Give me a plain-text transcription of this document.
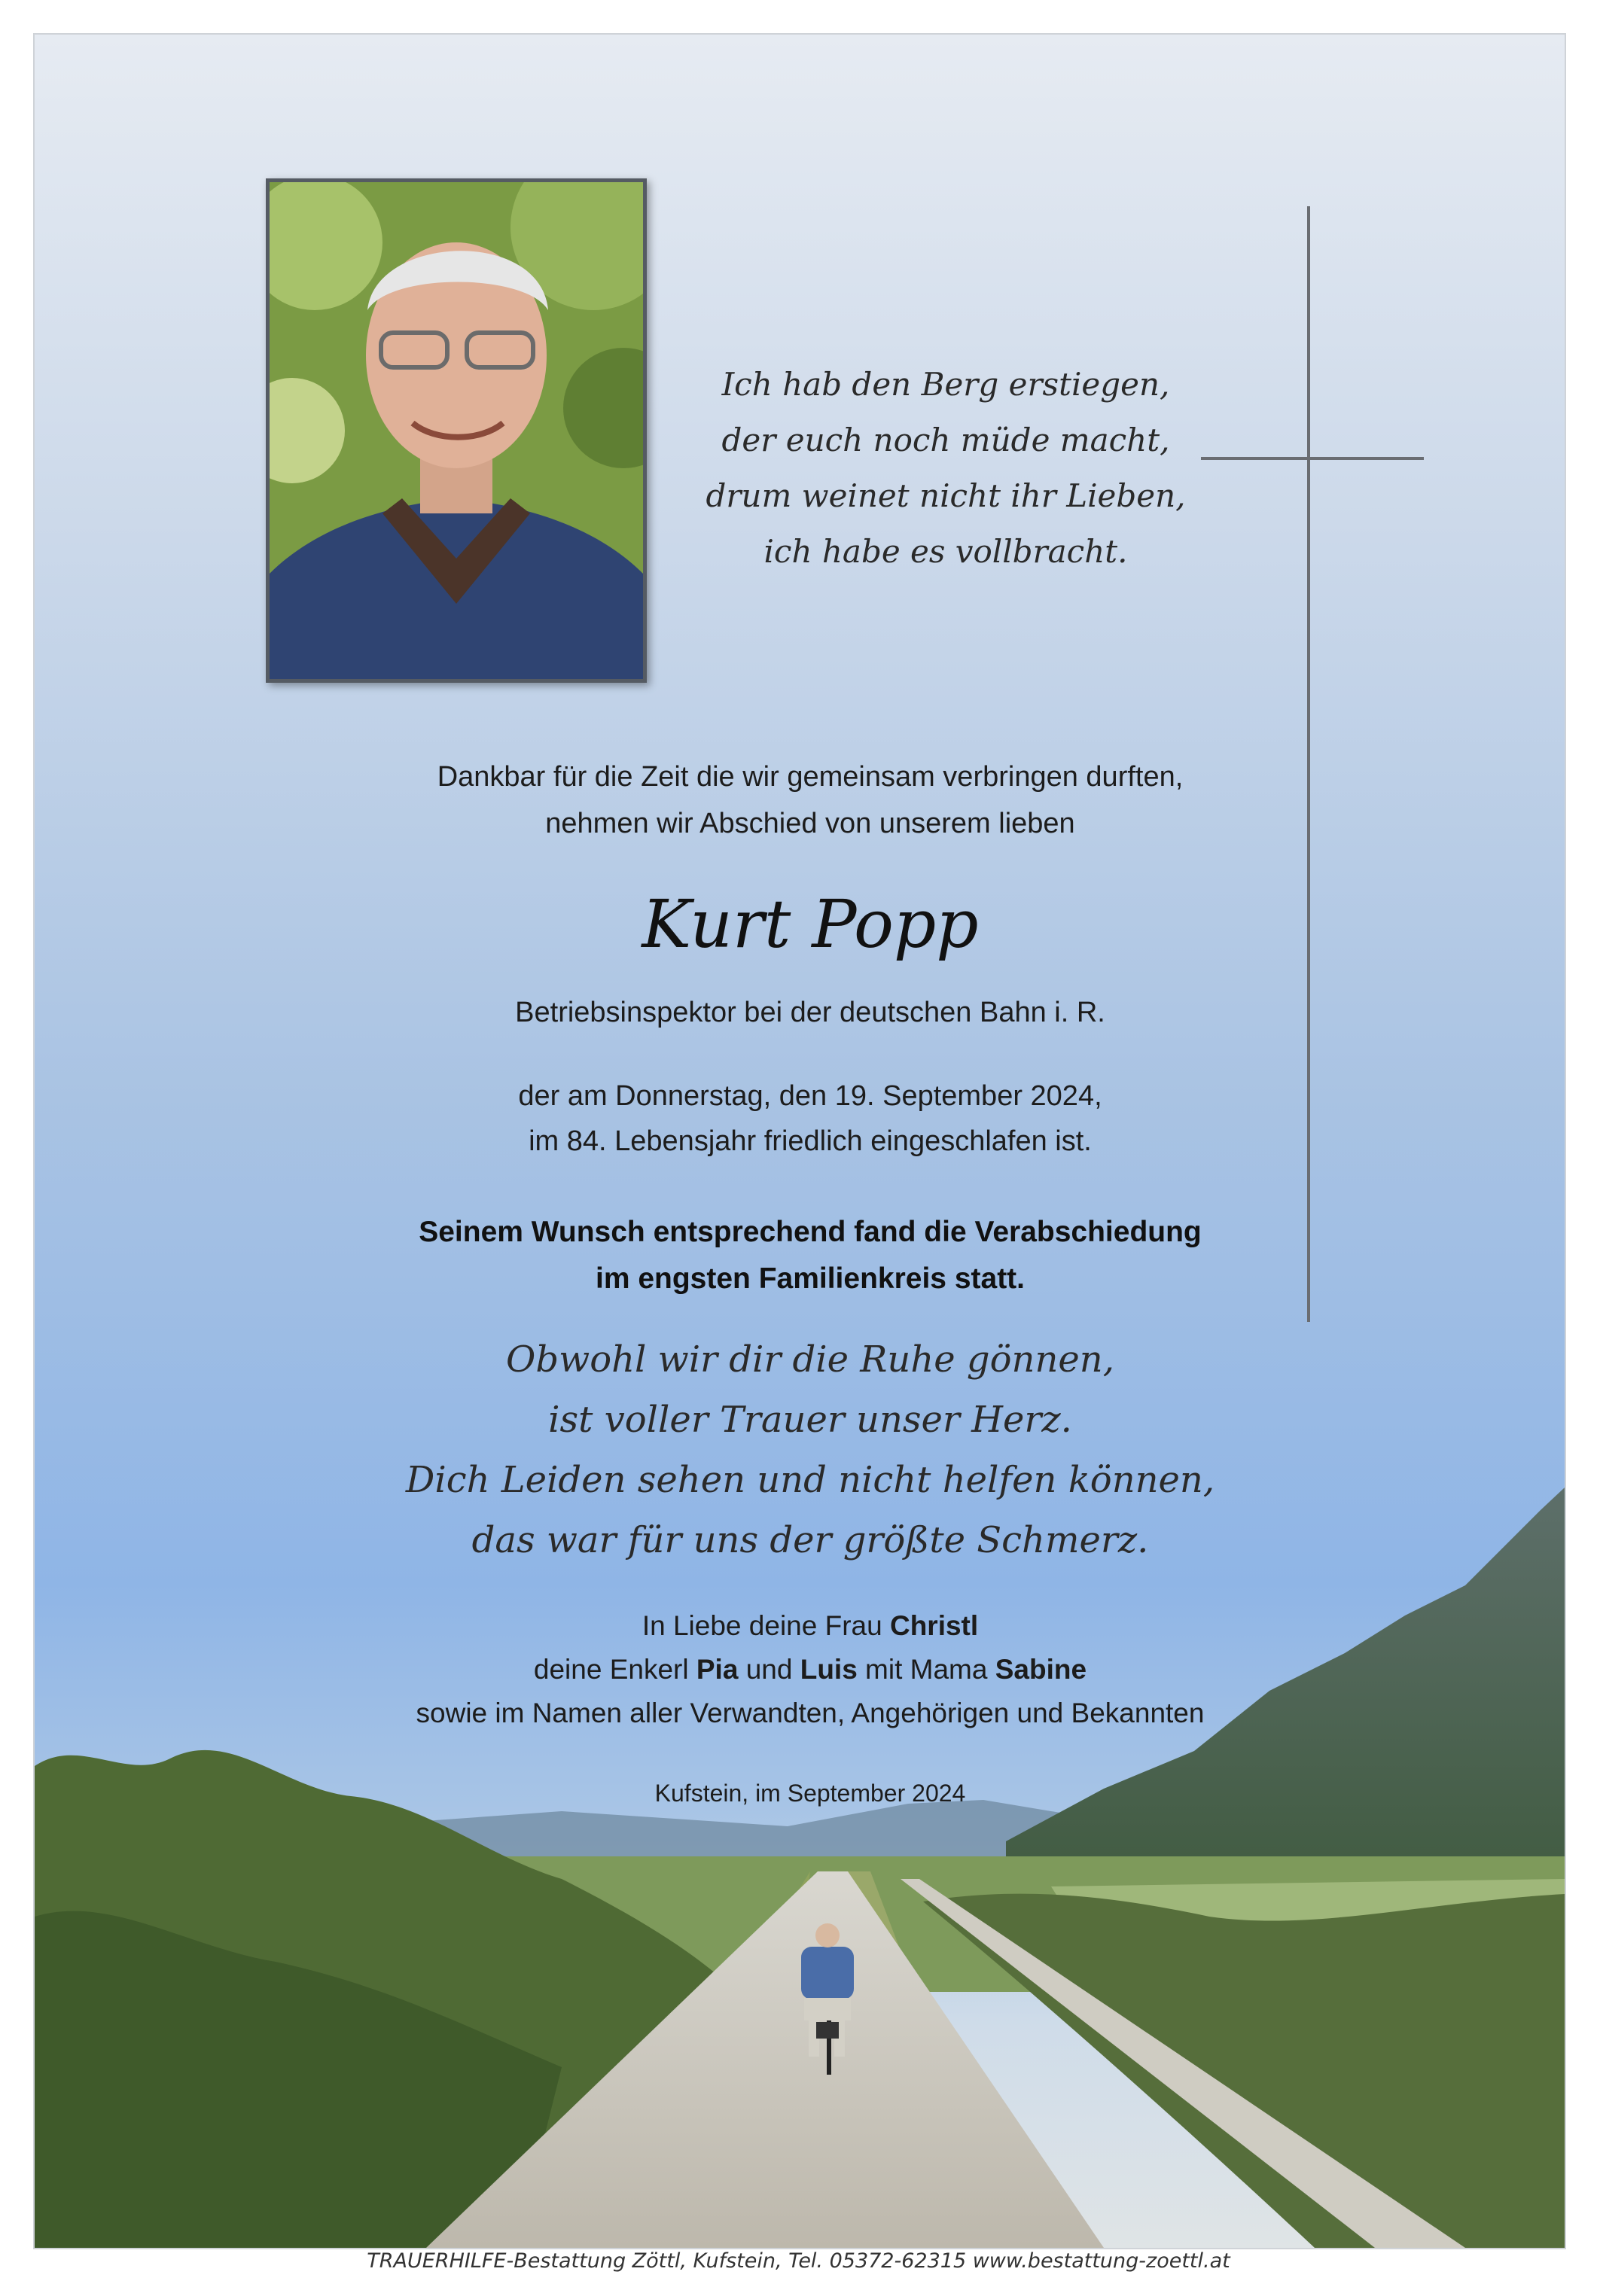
Ich hab den Berg erstiegen,
der euch noch müde macht,
drum weinet nicht ihr Lieben,
ich habe es vollbracht.
Dankbar für die Zeit die wir gemeinsam verbringen durften,
nehmen wir Abschied von unserem lieben
Kurt Popp
Betriebsinspektor bei der deutschen Bahn i. R.
der am Donnerstag, den 19. September 2024,
im 84. Lebensjahr friedlich eingeschlafen ist.
Seinem Wunsch entsprechend fand die Verabschiedung
im engsten Familienkreis statt.
Obwohl wir dir die Ruhe gönnen,
ist voller Trauer unser Herz.
Dich Leiden sehen und nicht helfen können,
das war für uns der größte Schmerz.
In Liebe deine Frau Christl
deine Enkerl Pia und Luis mit Mama Sabine
sowie im Namen aller Verwandten, Angehörigen und Bekannten
Kufstein, im September 2024
TRAUERHILFE-Bestattung Zöttl, Kufstein, Tel. 05372-62315 www.bestattung-zoettl.at
